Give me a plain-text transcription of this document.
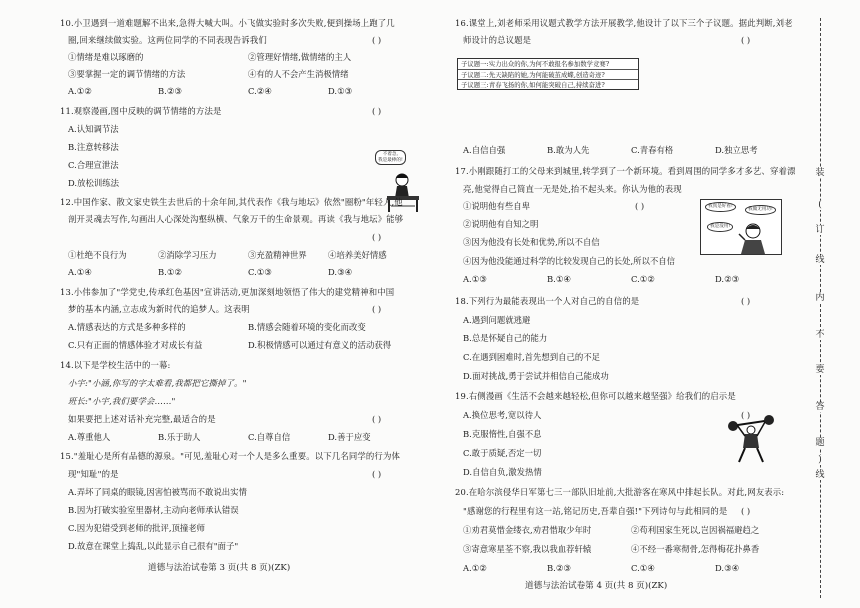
10.小卫遇到一道难题解不出来,急得大喊大叫。小飞做实验时多次失败,便到操场上跑了几
圈,回来继续做实验。这两位同学的不同表现告诉我们	( )
①情绪是难以琢磨的	②管理好情绪,做情绪的主人
③要掌握一定的调节情绪的方法	④有的人不会产生消极情绪
A.①②	B.②③	C.②④	D.①③
11.观察漫画,图中反映的调节情绪的方法是	( )
A.认知调节法
B.注意转移法
C.合理宣泄法
D.放松训练法
不着急,
我是最棒的!
12.中国作家、散文家史铁生去世后的十余年间,其代表作《我与地坛》依然"圈粉"年轻人,他
剖开灵魂去写作,勾画出人心深处沟壑纵横、气象万千的生命景观。再读《我与地坛》能够
( )
①杜绝不良行为	②消除学习压力	③充盈精神世界	④培养美好情感
A.①④	B.①②	C.①③	D.③④
13.小伟参加了"学党史,传承红色基因"宣讲活动,更加深刻地领悟了伟大的建党精神和中国
梦的基本内涵,立志成为新时代的追梦人。这表明	( )
A.情感表达的方式是多种多样的	B.情感会随着环境的变化而改变
C.只有正面的情感体验才对成长有益	D.积极情感可以通过有意义的活动获得
14.以下是学校生活中的一幕:
小宇:"小涵,你写的字太难看,我都把它撕掉了。"
班长:"小宇,我们要学会……"
如果要把上述对话补充完整,最适合的是	( )
A.尊重他人	B.乐于助人	C.自尊自信	D.善于应变
15."羞耻心是所有品德的源泉。"可见,羞耻心对一个人是多么重要。以下几名同学的行为体
现"知耻"的是	( )
A.弄坏了同桌的眼镜,因害怕被骂而不敢说出实情
B.因为打破实验室里器材,主动向老师承认错误
C.因为犯错受到老师的批评,顶撞老师
D.故意在课堂上捣乱,以此显示自己很有"面子"
道德与法治试卷第 3 页(共 8 页)(ZK)
16.课堂上,刘老师采用议题式教学方法开展教学,他设计了以下三个子议题。据此判断,刘老
师设计的总议题是	( )
子议题一:实力出众的你,为何不敢报名参加数学竞赛?
子议题二:先天缺陷的她,为何能破茧成蝶,创造奇迹?
子议题三:青春飞扬的你,如何能突破自己,持续奋进?
A.自信自强	B.敢为人先	C.青春有格	D.独立思考
17.小刚跟随打工的父母来到城里,转学到了一个新环境。看到周围的同学多才多艺、穿着漂
亮,他觉得自己简直一无是处,抬不起头来。你认为他的表现
( )
①说明他有些自卑
②说明他有自知之明
③因为他没有长处和优势,所以不自信
④因为他没能通过科学的比较发现自己的长处,所以不自信
A.①③	B.①④	C.①②	D.②③
我真是好看!
我做无用功!
我是没用!
18.下列行为最能表现出一个人对自己的自信的是	( )
A.遇到问题就逃避
B.总是怀疑自己的能力
C.在遇到困难时,首先想到自己的不足
D.面对挑战,勇于尝试并相信自己能成功
19.右侧漫画《生活不会越来越轻松,但你可以越来越坚强》给我们的启示是
( )
A.换位思考,宽以待人
B.克服惰性,自强不息
C.敢于质疑,否定一切
D.自信自负,激发热情
20.在哈尔滨侵华日军第七三一部队旧址前,大批游客在寒风中排起长队。对此,网友表示:
"感谢您的行程里有这一站,铭记历史,吾辈自强!"下列诗句与此相同的是 ( )
①劝君莫惜金缕衣,劝君惜取少年时	②苟利国家生死以,岂因祸福避趋之
③寄意寒星荃不察,我以我血荐轩辕	④不经一番寒彻骨,怎得梅花扑鼻香
A.①②	B.②③	C.①④	D.③④
道德与法治试卷第 4 页(共 8 页)(ZK)
装
(
订
线
内
不
要
答
题
)
线
